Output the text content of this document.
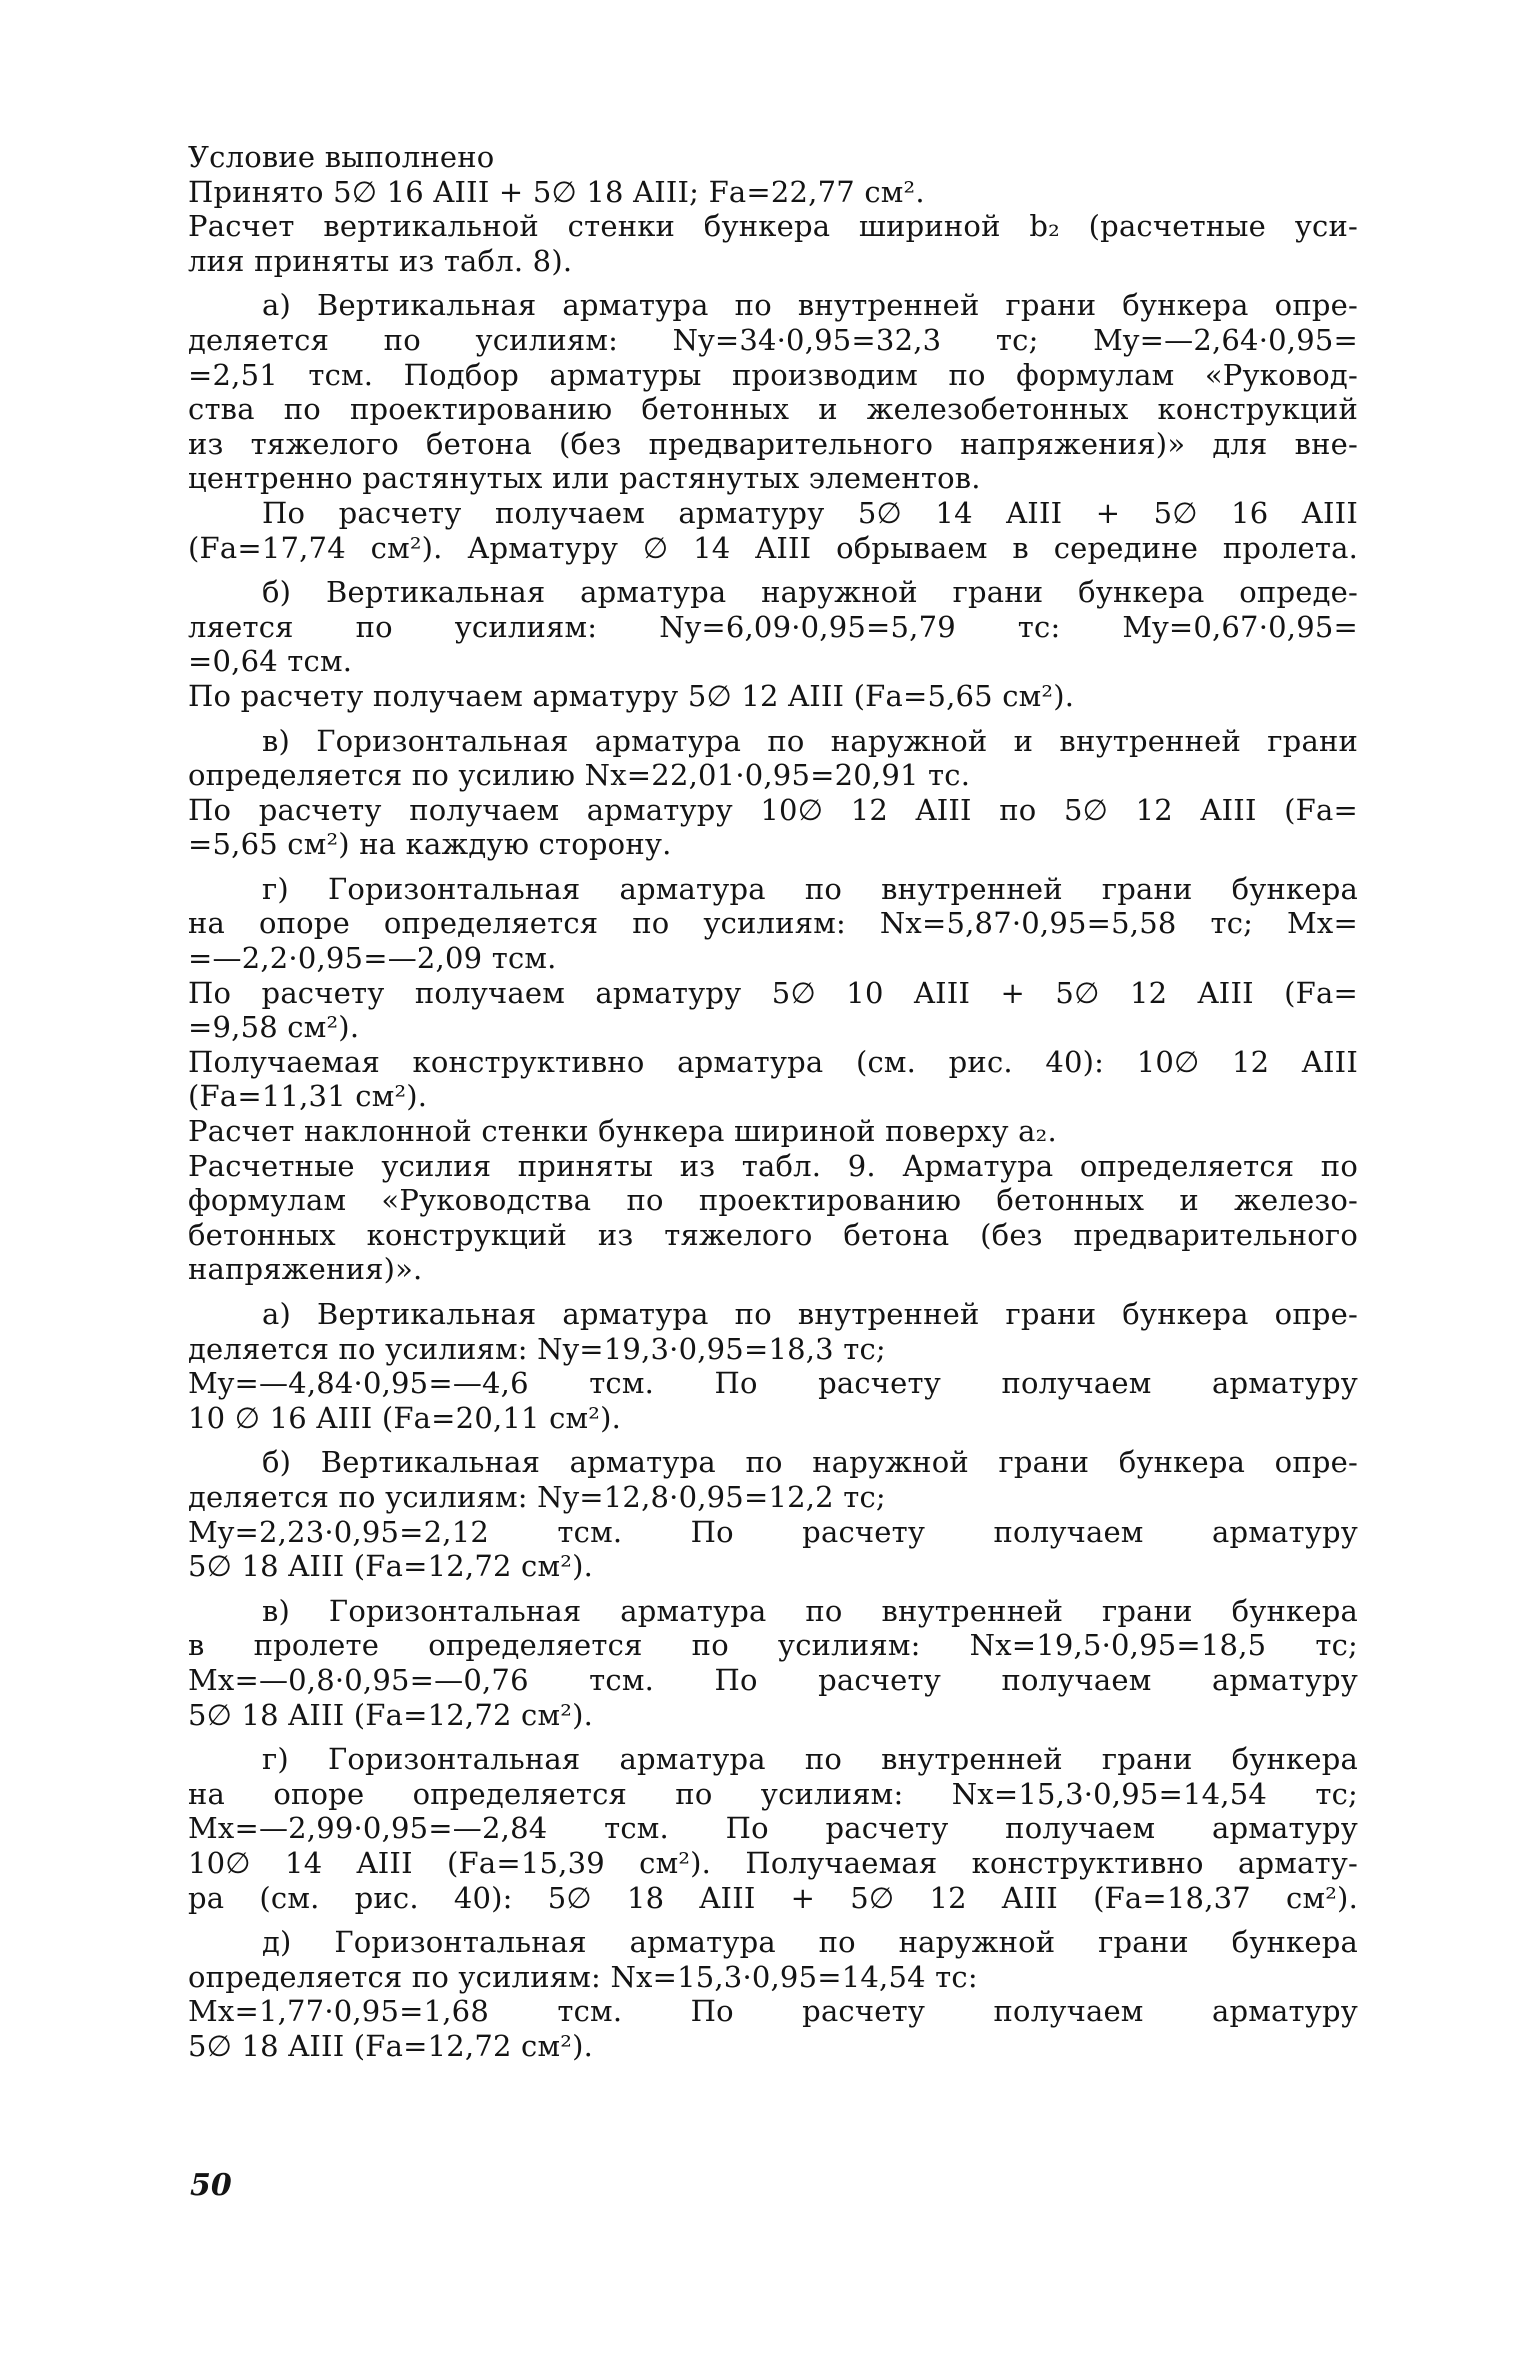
Условие выполнено
Принято 5∅ 16 AIII + 5∅ 18 AIII; Fа=22,77 см².
Расчет вертикальной стенки бункера шириной b₂ (расчетные уси-
лия приняты из табл. 8).
а) Вертикальная арматура по внутренней грани бункера опре-
деляется по усилиям: Ny=34·0,95=32,3 тс; My=—2,64·0,95=
=2,51 тсм. Подбор арматуры производим по формулам «Руковод-
ства по проектированию бетонных и железобетонных конструкций
из тяжелого бетона (без предварительного напряжения)» для вне-
центренно растянутых или растянутых элементов.
По расчету получаем арматуру 5∅ 14 AIII + 5∅ 16 AIII
(Fа=17,74 см²). Арматуру ∅ 14 AIII обрываем в середине пролета.
б) Вертикальная арматура наружной грани бункера опреде-
ляется по усилиям: Ny=6,09·0,95=5,79 тс: My=0,67·0,95=
=0,64 тсм.
По расчету получаем арматуру 5∅ 12 AIII (Fа=5,65 см²).
в) Горизонтальная арматура по наружной и внутренней грани
определяется по усилию Nx=22,01·0,95=20,91 тс.
По расчету получаем арматуру 10∅ 12 AIII по 5∅ 12 AIII (Fа=
=5,65 см²) на каждую сторону.
г) Горизонтальная арматура по внутренней грани бункера
на опоре определяется по усилиям: Nx=5,87·0,95=5,58 тс; Mx=
=—2,2·0,95=—2,09 тсм.
По расчету получаем арматуру 5∅ 10 AIII + 5∅ 12 AIII (Fа=
=9,58 см²).
Получаемая конструктивно арматура (см. рис. 40): 10∅ 12 AIII
(Fа=11,31 см²).
Расчет наклонной стенки бункера шириной поверху a₂.
Расчетные усилия приняты из табл. 9. Арматура определяется по
формулам «Руководства по проектированию бетонных и железо-
бетонных конструкций из тяжелого бетона (без предварительного
напряжения)».
а) Вертикальная арматура по внутренней грани бункера опре-
деляется по усилиям: Ny=19,3·0,95=18,3 тс;
My=—4,84·0,95=—4,6 тсм. По расчету получаем арматуру
10 ∅ 16 AIII (Fа=20,11 см²).
б) Вертикальная арматура по наружной грани бункера опре-
деляется по усилиям: Ny=12,8·0,95=12,2 тс;
My=2,23·0,95=2,12 тсм. По расчету получаем арматуру
5∅ 18 AIII (Fа=12,72 см²).
в) Горизонтальная арматура по внутренней грани бункера
в пролете определяется по усилиям: Nx=19,5·0,95=18,5 тс;
Mx=—0,8·0,95=—0,76 тсм. По расчету получаем арматуру
5∅ 18 AIII (Fа=12,72 см²).
г) Горизонтальная арматура по внутренней грани бункера
на опоре определяется по усилиям: Nx=15,3·0,95=14,54 тс;
Mx=—2,99·0,95=—2,84 тсм. По расчету получаем арматуру
10∅ 14 AIII (Fа=15,39 см²). Получаемая конструктивно армату-
ра (см. рис. 40): 5∅ 18 AIII + 5∅ 12 AIII (Fа=18,37 см²).
д) Горизонтальная арматура по наружной грани бункера
определяется по усилиям: Nx=15,3·0,95=14,54 тс:
Mx=1,77·0,95=1,68 тсм. По расчету получаем арматуру
5∅ 18 AIII (Fа=12,72 см²).
50
